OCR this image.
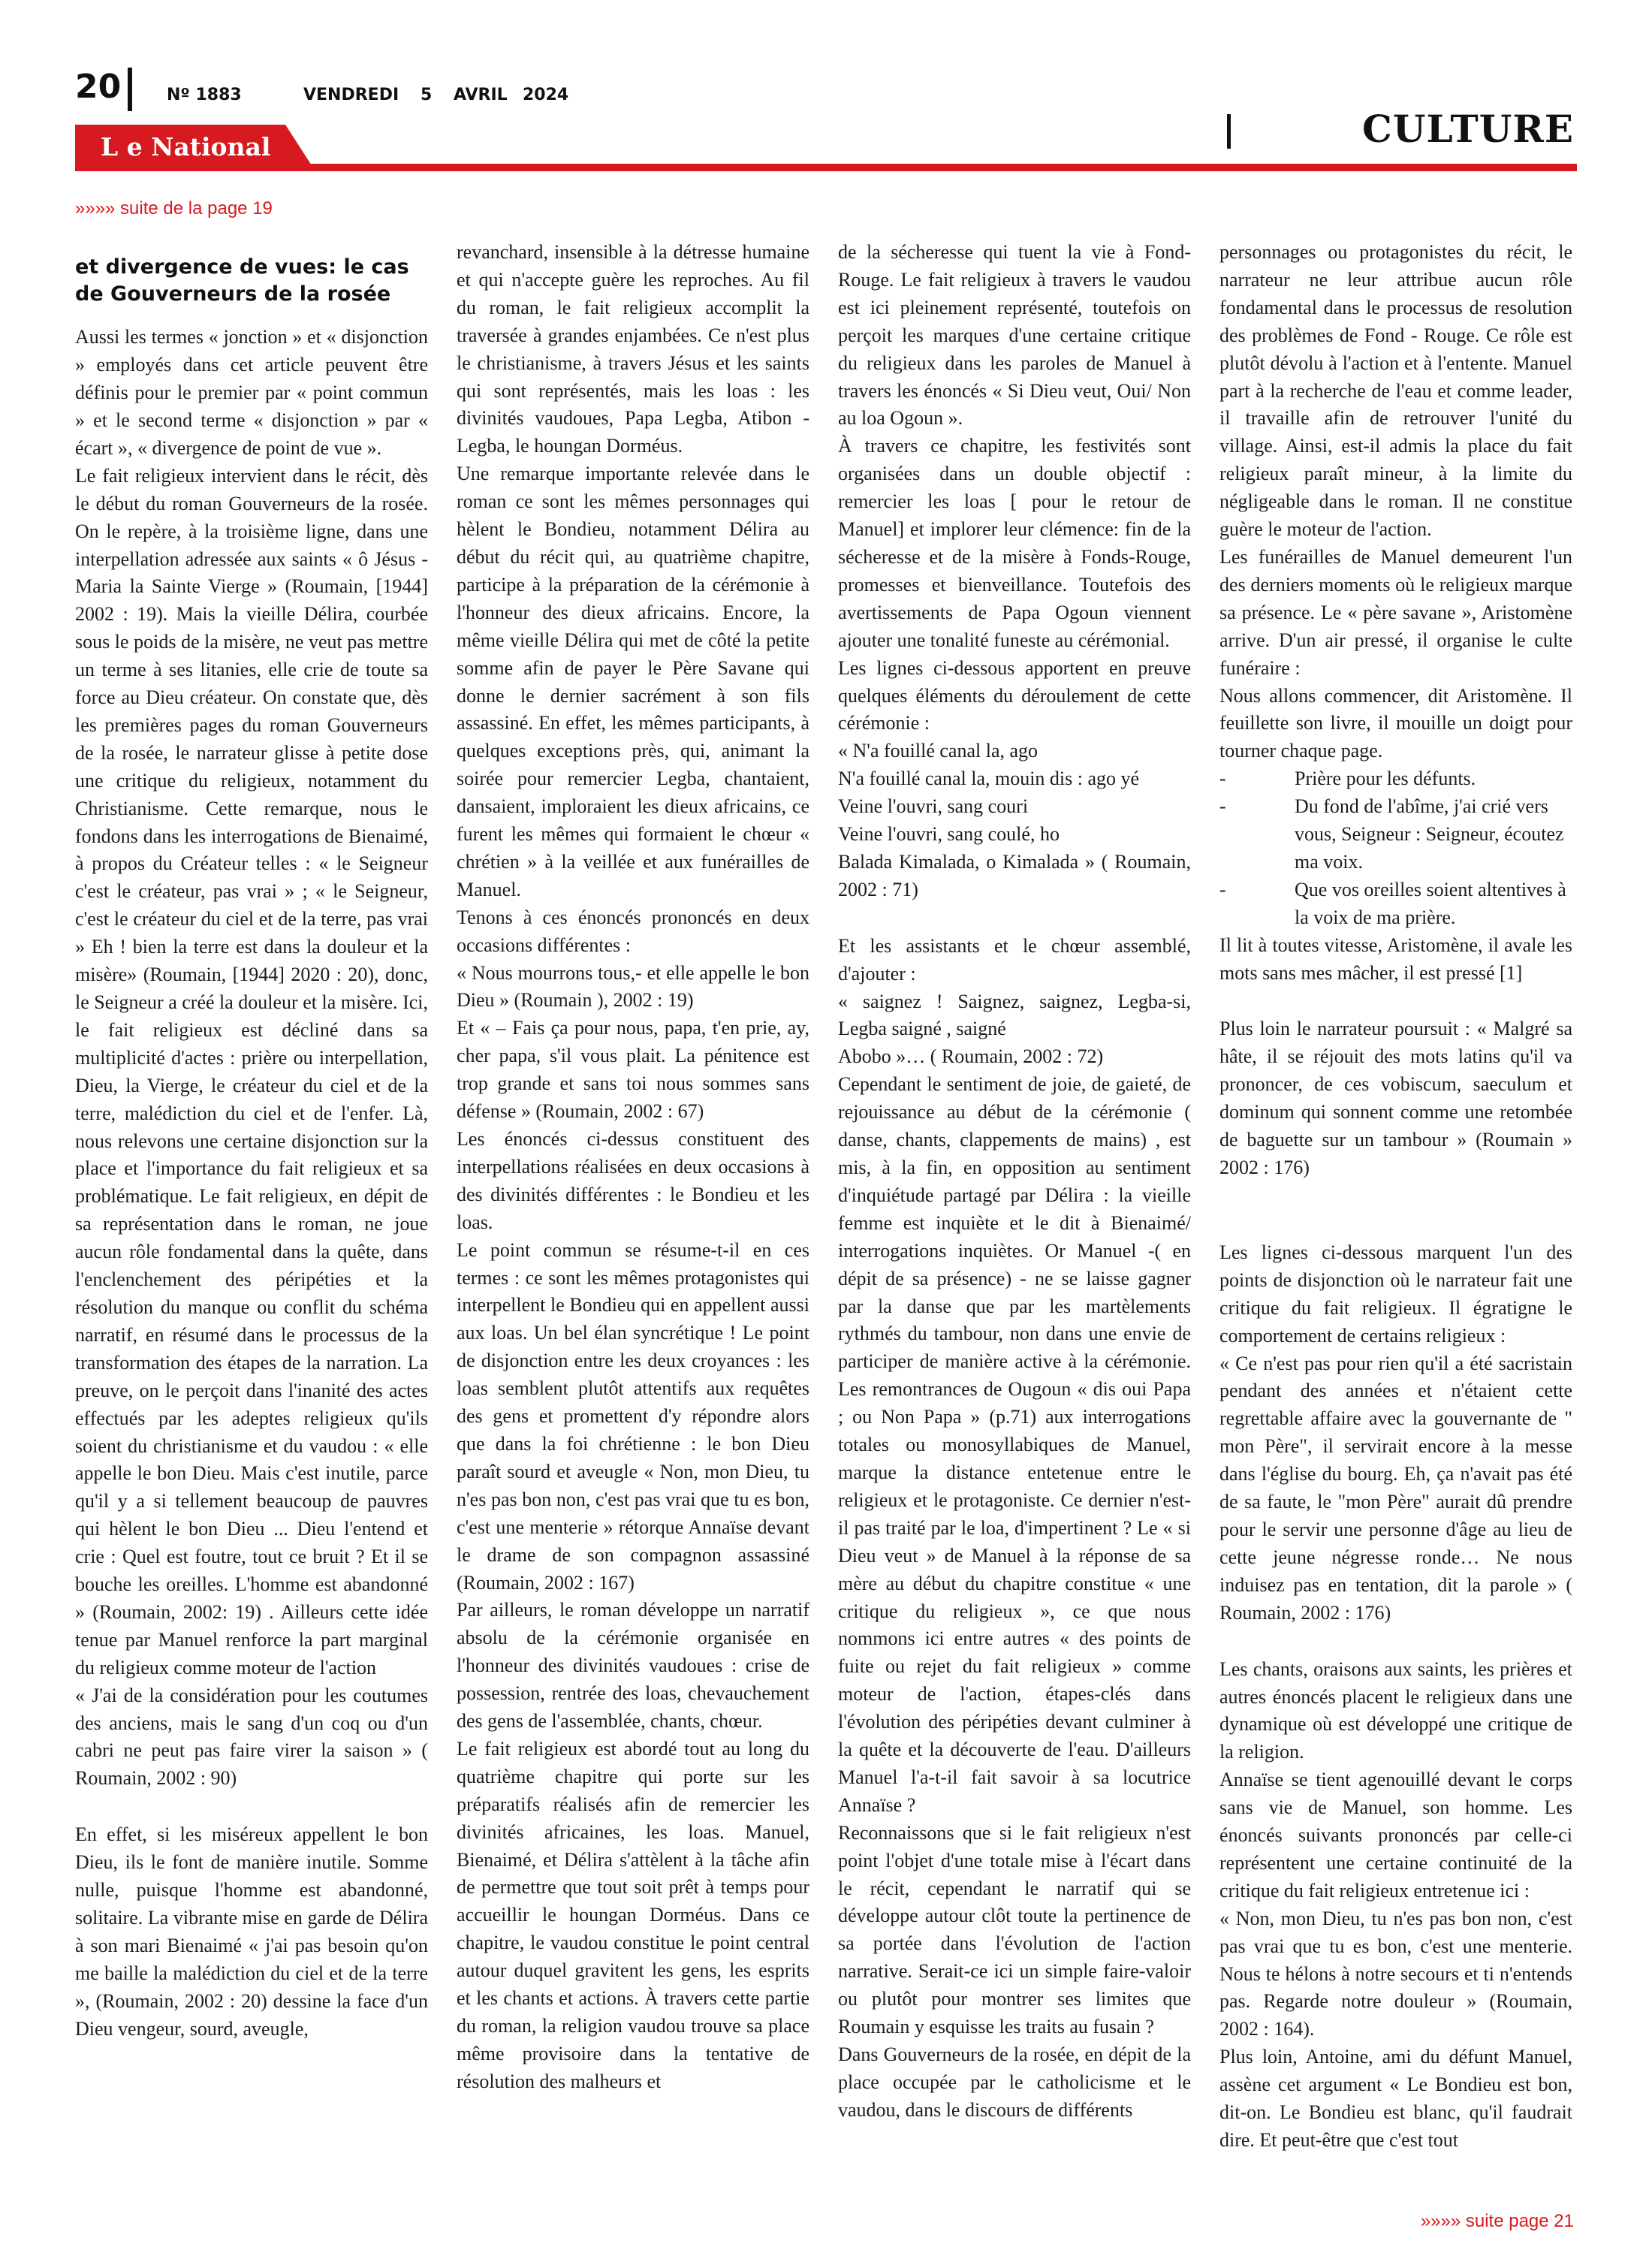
20	Nº 1883	VENDREDI 5 AVRIL 2024
CULTURE
L e National
»»»» suite de la page 19

et divergence de vues: le cas de Gouverneurs de la rosée

Aussi les termes « jonction » et « disjonction » employés dans cet article peuvent être définis pour le premier par « point commun » et le second terme « disjonction » par « écart », « divergence de point de vue ».

Le fait religieux intervient dans le récit, dès le début du roman Gouverneurs de la rosée. On le repère, à la troisième ligne, dans une interpellation adressée aux saints « ô Jésus - Maria la Sainte Vierge » (Roumain, [1944] 2002 : 19). Mais la vieille Délira, courbée sous le poids de la misère, ne veut pas mettre un terme à ses litanies, elle crie de toute sa force au Dieu créateur. On constate que, dès les premières pages du roman Gouverneurs de la rosée, le narrateur glisse à petite dose une critique du religieux, notamment du Christianisme. Cette remarque, nous le fondons dans les interrogations de Bienaimé, à propos du Créateur telles : « le Seigneur c'est le créateur, pas vrai » ; « le Seigneur, c'est le créateur du ciel et de la terre, pas vrai » Eh ! bien la terre est dans la douleur et la misère» (Roumain, [1944] 2020 : 20), donc, le Seigneur a créé la douleur et la misère. Ici, le fait religieux est décliné dans sa multiplicité d'actes : prière ou interpellation, Dieu, la Vierge, le créateur du ciel et de la terre, malédiction du ciel et de l'enfer. Là, nous relevons une certaine disjonction sur la place et l'importance du fait religieux et sa problématique. Le fait religieux, en dépit de sa représentation dans le roman, ne joue aucun rôle fondamental dans la quête, dans l'enclenchement des péripéties et la résolution du manque ou conflit du schéma narratif, en résumé dans le processus de la transformation des étapes de la narration. La preuve, on le perçoit dans l'inanité des actes effectués par les adeptes religieux qu'ils soient du christianisme et du vaudou : « elle appelle le bon Dieu. Mais c'est inutile, parce qu'il y a si tellement beaucoup de pauvres qui hèlent le bon Dieu ... Dieu l'entend et crie : Quel est foutre, tout ce bruit ? Et il se bouche les oreilles. L'homme est abandonné » (Roumain, 2002: 19) . Ailleurs cette idée tenue par Manuel renforce la part marginal du religieux comme moteur de l'action

« J'ai de la considération pour les coutumes des anciens, mais le sang d'un coq ou d'un cabri ne peut pas faire virer la saison » ( Roumain, 2002 : 90)

En effet, si les miséreux appellent le bon Dieu, ils le font de manière inutile. Somme nulle, puisque l'homme est abandonné, solitaire. La vibrante mise en garde de Délira à son mari Bienaimé « j'ai pas besoin qu'on me baille la malédiction du ciel et de la terre », (Roumain, 2002 : 20) dessine la face d'un Dieu vengeur, sourd, aveugle,

revanchard, insensible à la détresse humaine et qui n'accepte guère les reproches. Au fil du roman, le fait religieux accomplit la traversée à grandes enjambées. Ce n'est plus le christianisme, à travers Jésus et les saints qui sont représentés, mais les loas : les divinités vaudoues, Papa Legba, Atibon - Legba, le houngan Dorméus.

Une remarque importante relevée dans le roman ce sont les mêmes personnages qui hèlent le Bondieu, notamment Délira au début du récit qui, au quatrième chapitre, participe à la préparation de la cérémonie à l'honneur des dieux africains. Encore, la même vieille Délira qui met de côté la petite somme afin de payer le Père Savane qui donne le dernier sacrément à son fils assassiné. En effet, les mêmes participants, à quelques exceptions près, qui, animant la soirée pour remercier Legba, chantaient, dansaient, imploraient les dieux africains, ce furent les mêmes qui formaient le chœur « chrétien » à la veillée et aux funérailles de Manuel.

Tenons à ces énoncés prononcés en deux occasions différentes :

« Nous mourrons tous,- et elle appelle le bon Dieu » (Roumain ), 2002 : 19)

Et « – Fais ça pour nous, papa, t'en prie, ay, cher papa, s'il vous plait. La pénitence est trop grande et sans toi nous sommes sans défense » (Roumain, 2002 : 67)

Les énoncés ci-dessus constituent des interpellations réalisées en deux occasions à des divinités différentes : le Bondieu et les loas.

Le point commun se résume-t-il en ces termes : ce sont les mêmes protagonistes qui interpellent le Bondieu qui en appellent aussi aux loas. Un bel élan syncrétique ! Le point de disjonction entre les deux croyances : les loas semblent plutôt attentifs aux requêtes des gens et promettent d'y répondre alors que dans la foi chrétienne : le bon Dieu paraît sourd et aveugle « Non, mon Dieu, tu n'es pas bon non, c'est pas vrai que tu es bon, c'est une menterie » rétorque Annaïse devant le drame de son compagnon assassiné (Roumain, 2002 : 167)

Par ailleurs, le roman développe un narratif absolu de la cérémonie organisée en l'honneur des divinités vaudoues : crise de possession, rentrée des loas, chevauchement des gens de l'assemblée, chants, chœur.

Le fait religieux est abordé tout au long du quatrième chapitre qui porte sur les préparatifs réalisés afin de remercier les divinités africaines, les loas. Manuel, Bienaimé, et Délira s'attèlent à la tâche afin de permettre que tout soit prêt à temps pour accueillir le houngan Dorméus. Dans ce chapitre, le vaudou constitue le point central autour duquel gravitent les gens, les esprits et les chants et actions. À travers cette partie du roman, la religion vaudou trouve sa place même provisoire dans la tentative de résolution des malheurs et

de la sécheresse qui tuent la vie à Fond-Rouge. Le fait religieux à travers le vaudou est ici pleinement représenté, toutefois on perçoit les marques d'une certaine critique du religieux dans les paroles de Manuel à travers les énoncés « Si Dieu veut, Oui/ Non au loa Ogoun ».

À travers ce chapitre, les festivités sont organisées dans un double objectif : remercier les loas [ pour le retour de Manuel] et implorer leur clémence: fin de la sécheresse et de la misère à Fonds-Rouge, promesses et bienveillance. Toutefois des avertissements de Papa Ogoun viennent ajouter une tonalité funeste au cérémonial.

Les lignes ci-dessous apportent en preuve quelques éléments du déroulement de cette cérémonie :

« N'a fouillé canal la, ago

N'a fouillé canal la, mouin dis : ago yé

Veine l'ouvri, sang couri

Veine l'ouvri, sang coulé, ho

Balada Kimalada, o Kimalada » ( Roumain, 2002 : 71)

Et les assistants et le chœur assemblé, d'ajouter :

« saignez ! Saignez, saignez, Legba-si, Legba saigné , saigné

Abobo »… ( Roumain, 2002 : 72)

Cependant le sentiment de joie, de gaieté, de rejouissance au début de la cérémonie ( danse, chants, clappements de mains) , est mis, à la fin, en opposition au sentiment d'inquiétude partagé par Délira : la vieille femme est inquiète et le dit à Bienaimé/ interrogations inquiètes. Or Manuel -( en dépit de sa présence) - ne se laisse gagner par la danse que par les martèlements rythmés du tambour, non dans une envie de participer de manière active à la cérémonie. Les remontrances de Ougoun « dis oui Papa ; ou Non Papa » (p.71) aux interrogations totales ou monosyllabiques de Manuel, marque la distance entetenue entre le religieux et le protagoniste. Ce dernier n'est-il pas traité par le loa, d'impertinent ? Le « si Dieu veut » de Manuel à la réponse de sa mère au début du chapitre constitue « une critique du religieux », ce que nous nommons ici entre autres « des points de fuite ou rejet du fait religieux » comme moteur de l'action, étapes-clés dans l'évolution des péripéties devant culminer à la quête et la découverte de l'eau. D'ailleurs Manuel l'a-t-il fait savoir à sa locutrice Annaïse ?

Reconnaissons que si le fait religieux n'est point l'objet d'une totale mise à l'écart dans le récit, cependant le narratif qui se développe autour clôt toute la pertinence de sa portée dans l'évolution de l'action narrative. Serait-ce ici un simple faire-valoir ou plutôt pour montrer ses limites que Roumain y esquisse les traits au fusain ?

Dans Gouverneurs de la rosée, en dépit de la place occupée par le catholicisme et le vaudou, dans le discours de différents

personnages ou protagonistes du récit, le narrateur ne leur attribue aucun rôle fondamental dans le processus de resolution des problèmes de Fond - Rouge. Ce rôle est plutôt dévolu à l'action et à l'entente. Manuel part à la recherche de l'eau et comme leader, il travaille afin de retrouver l'unité du village. Ainsi, est-il admis la place du fait religieux paraît mineur, à la limite du négligeable dans le roman. Il ne constitue guère le moteur de l'action.

Les funérailles de Manuel demeurent l'un des derniers moments où le religieux marque sa présence. Le « père savane », Aristomène arrive. D'un air pressé, il organise le culte funéraire :

Nous allons commencer, dit Aristomène. Il feuillette son livre, il mouille un doigt pour tourner chaque page.

-	Prière pour les défunts.
-	Du fond de l'abîme, j'ai crié vers vous, Seigneur : Seigneur, écoutez ma voix.
-	Que vos oreilles soient altentives à la voix de ma prière.

Il lit à toutes vitesse, Aristomène, il avale les mots sans mes mâcher, il est pressé [1]

Plus loin le narrateur poursuit : « Malgré sa hâte, il se réjouit des mots latins qu'il va prononcer, de ces vobiscum, saeculum et dominum qui sonnent comme une retombée de baguette sur un tambour » (Roumain » 2002 : 176)

Les lignes ci-dessous marquent l'un des points de disjonction où le narrateur fait une critique du fait religieux. Il égratigne le comportement de certains religieux :

« Ce n'est pas pour rien qu'il a été sacristain pendant des années et n'étaient cette regrettable affaire avec la gouvernante de " mon Père", il servirait encore à la messe dans l'église du bourg. Eh, ça n'avait pas été de sa faute, le "mon Père" aurait dû prendre pour le servir une personne d'âge au lieu de cette jeune négresse ronde… Ne nous induisez pas en tentation, dit la parole » ( Roumain, 2002 : 176)

Les chants, oraisons aux saints, les prières et autres énoncés placent le religieux dans une dynamique où est développé une critique de la religion.

Annaïse se tient agenouillé devant le corps sans vie de Manuel, son homme. Les énoncés suivants prononcés par celle-ci représentent une certaine continuité de la critique du fait religieux entretenue ici :

« Non, mon Dieu, tu n'es pas bon non, c'est pas vrai que tu es bon, c'est une menterie. Nous te hélons à notre secours et ti n'entends pas. Regarde notre douleur » (Roumain, 2002 : 164).

Plus loin, Antoine, ami du défunt Manuel, assène cet argument « Le Bondieu est bon, dit-on. Le Bondieu est blanc, qu'il faudrait dire. Et peut-être que c'est tout

»»»» suite page 21
